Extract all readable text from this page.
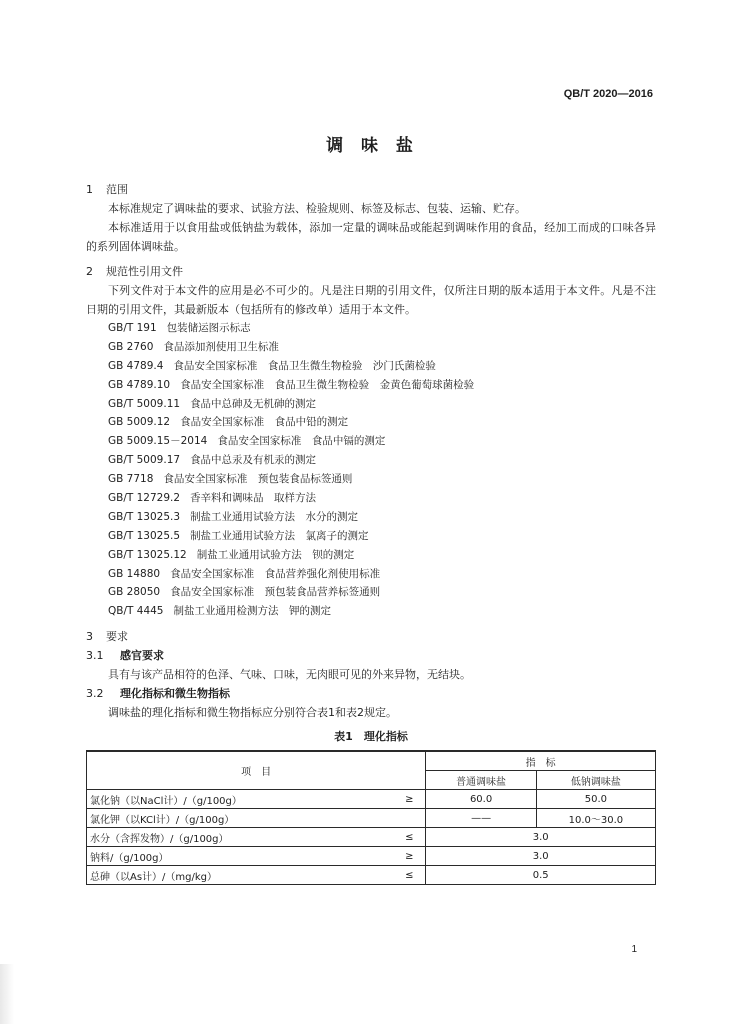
QB/T 2020—2016
调 味 盐
1	范围
本标准规定了调味盐的要求、试验方法、检验规则、标签及标志、包装、运输、贮存。
本标准适用于以食用盐或低钠盐为载体，添加一定量的调味品或能起到调味作用的食品，经加工而成的口味各异的系列固体调味盐。
2	规范性引用文件
下列文件对于本文件的应用是必不可少的。凡是注日期的引用文件，仅所注日期的版本适用于本文件。凡是不注日期的引用文件，其最新版本（包括所有的修改单）适用于本文件。
GB/T 191 包装储运图示标志
GB 2760 食品添加剂使用卫生标准
GB 4789.4 食品安全国家标准　食品卫生微生物检验　沙门氏菌检验
GB 4789.10 食品安全国家标准　食品卫生微生物检验　金黄色葡萄球菌检验
GB/T 5009.11 食品中总砷及无机砷的测定
GB 5009.12 食品安全国家标准　食品中铅的测定
GB 5009.15－2014 食品安全国家标准　食品中镉的测定
GB/T 5009.17 食品中总汞及有机汞的测定
GB 7718 食品安全国家标准　预包装食品标签通则
GB/T 12729.2 香辛料和调味品　取样方法
GB/T 13025.3 制盐工业通用试验方法　水分的测定
GB/T 13025.5 制盐工业通用试验方法　氯离子的测定
GB/T 13025.12 制盐工业通用试验方法　钡的测定
GB 14880 食品安全国家标准　食品营养强化剂使用标准
GB 28050 食品安全国家标准　预包装食品营养标签通则
QB/T 4445 制盐工业通用检测方法　钾的测定
3	要求
3.1 感官要求
具有与该产品相符的色泽、气味、口味，无肉眼可见的外来异物，无结块。
3.2 理化指标和微生物指标
调味盐的理化指标和微生物指标应分别符合表1和表2规定。
表1　理化指标
项　目		指　标	
		普通调味盐	低钠调味盐
氯化钠（以NaCl计）/（g/100g）	≥	60.0	50.0
氯化钾（以KCl计）/（g/100g）		——	10.0～30.0
水分（含挥发物）/（g/100g）	≤	3.0	
钠料/（g/100g）	≥	3.0	
总砷（以As计）/（mg/kg）	≤	0.5	
1
